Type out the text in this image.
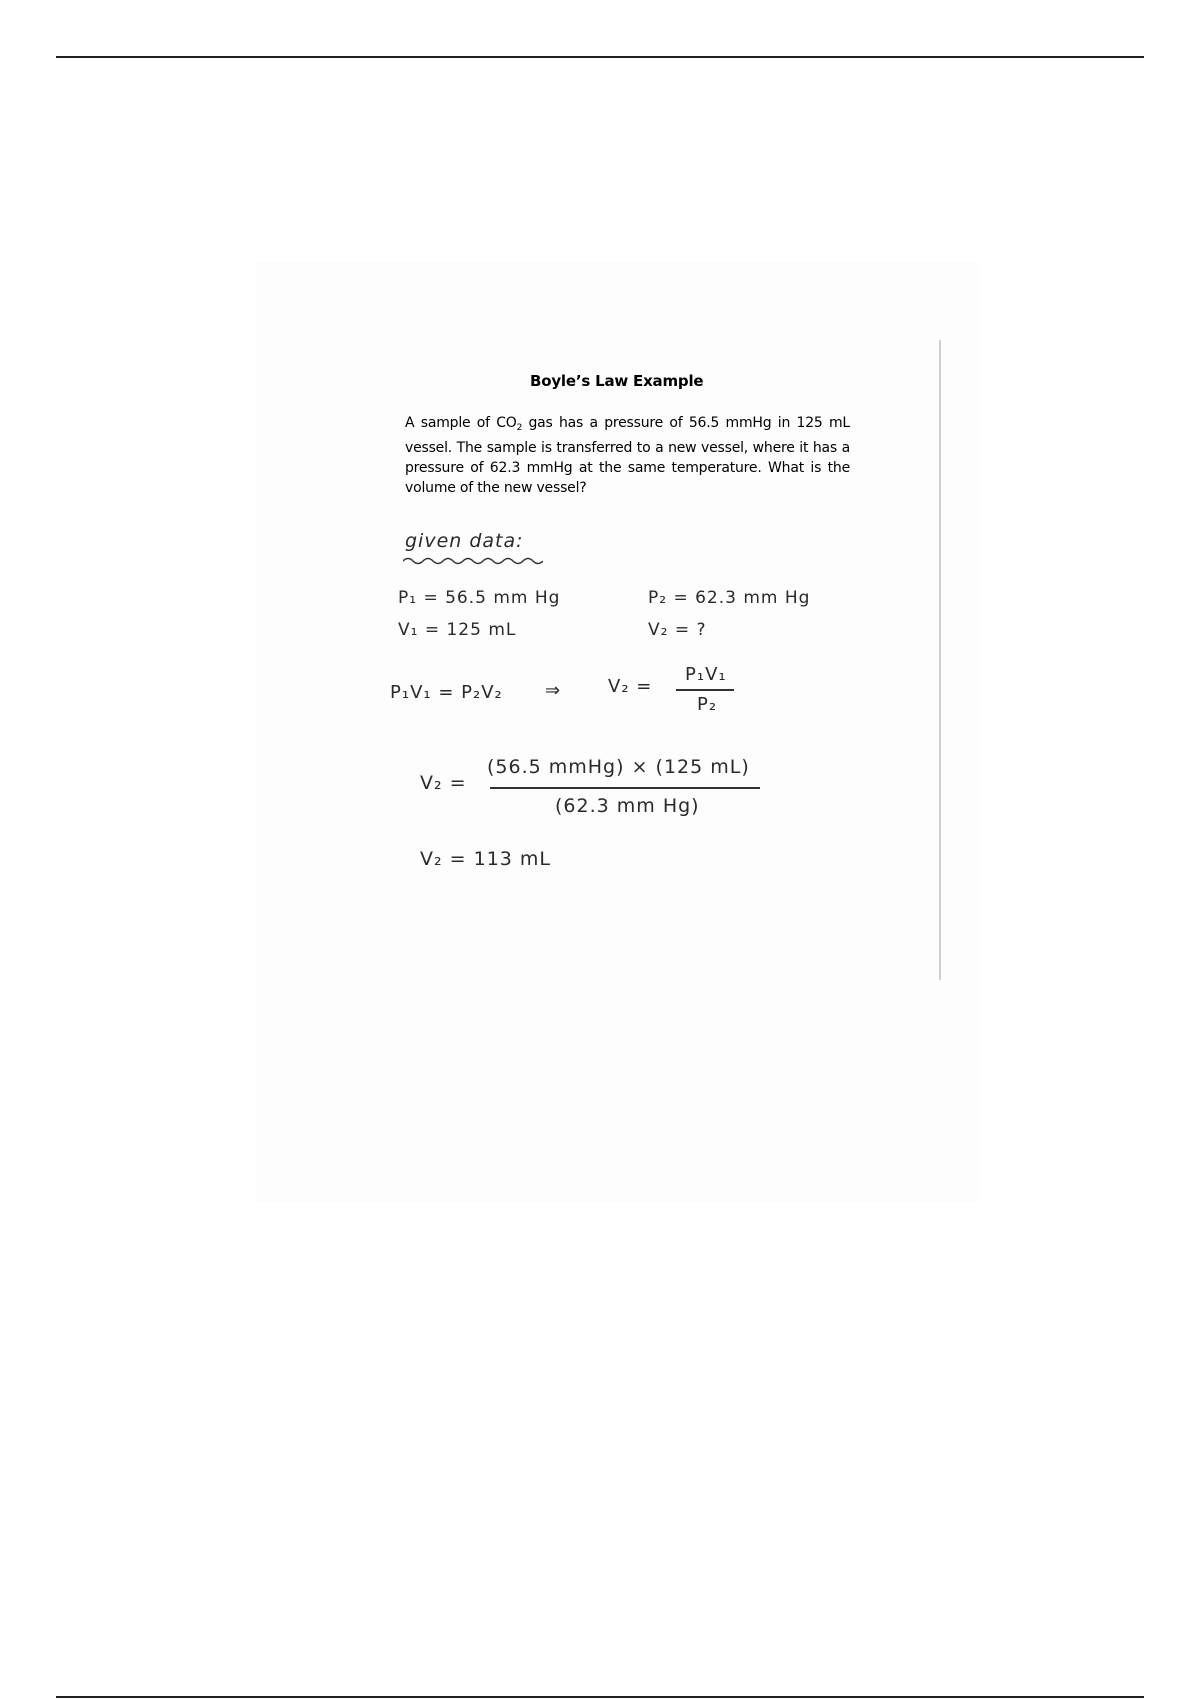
Boyle’s Law Example
A sample of $CO_2$ gas has a pressure of 56.5 mmHg in 125 mL vessel. The sample is transferred to a new vessel, where it has a pressure of 62.3 mmHg at the same temperature. What is the volume of the new vessel?
given data:
P₁ = 56.5 mm Hg
V₁ = 125 mL
P₂ = 62.3 mm Hg
V₂ = ?
P₁V₁ = P₂V₂ ⇒	V₂ =
P₁V₁
P₂
V₂ =
(56.5 mmHg) × (125 mL)
(62.3 mm Hg)
V₂ = 113 mL
